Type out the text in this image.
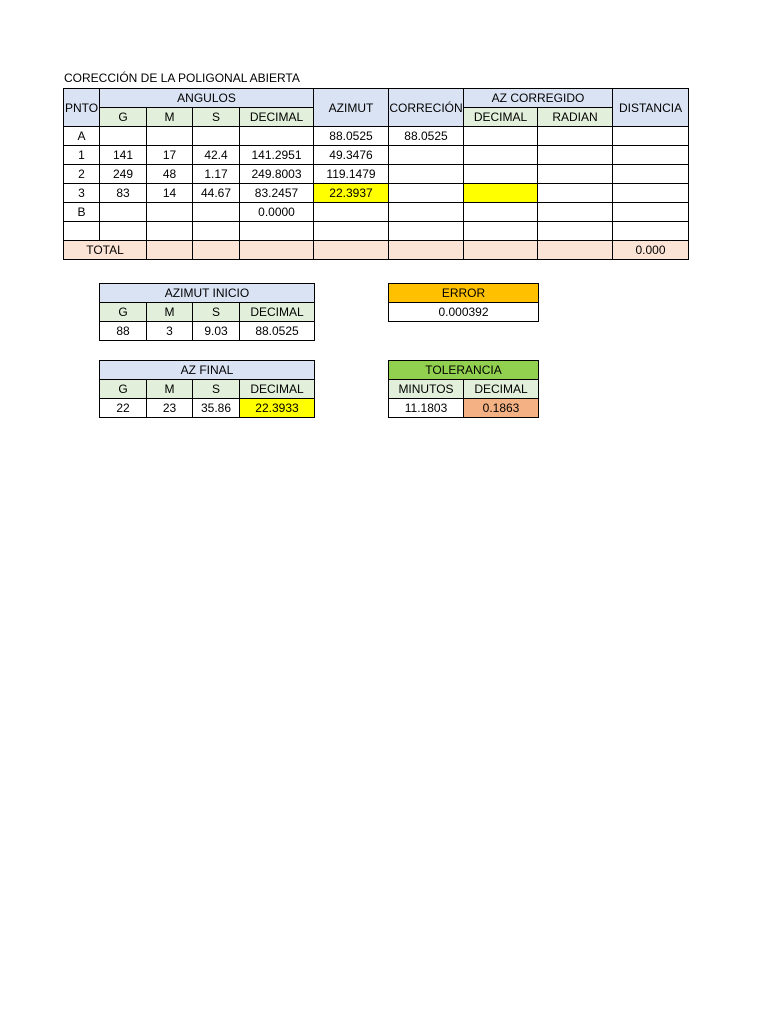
CORECCIÓN DE LA POLIGONAL ABIERTA
PNTO	ANGULOS				AZIMUT	CORRECIÓN	AZ CORREGIDO		DISTANCIA
	G	M	S	DECIMAL			DECIMAL	RADIAN	
A					88.0525	88.0525			
1	141	17	42.4	141.2951	49.3476				
2	249	48	1.17	249.8003	119.1479				
3	83	14	44.67	83.2457	22.3937				
B				0.0000					

TOTAL									0.000
AZIMUT INICIO			
G	M	S	DECIMAL
88	3	9.03	88.0525
AZ FINAL			
G	M	S	DECIMAL
22	23	35.86	22.3933
ERROR
0.000392
TOLERANCIA	
MINUTOS	DECIMAL
11.1803	0.1863
